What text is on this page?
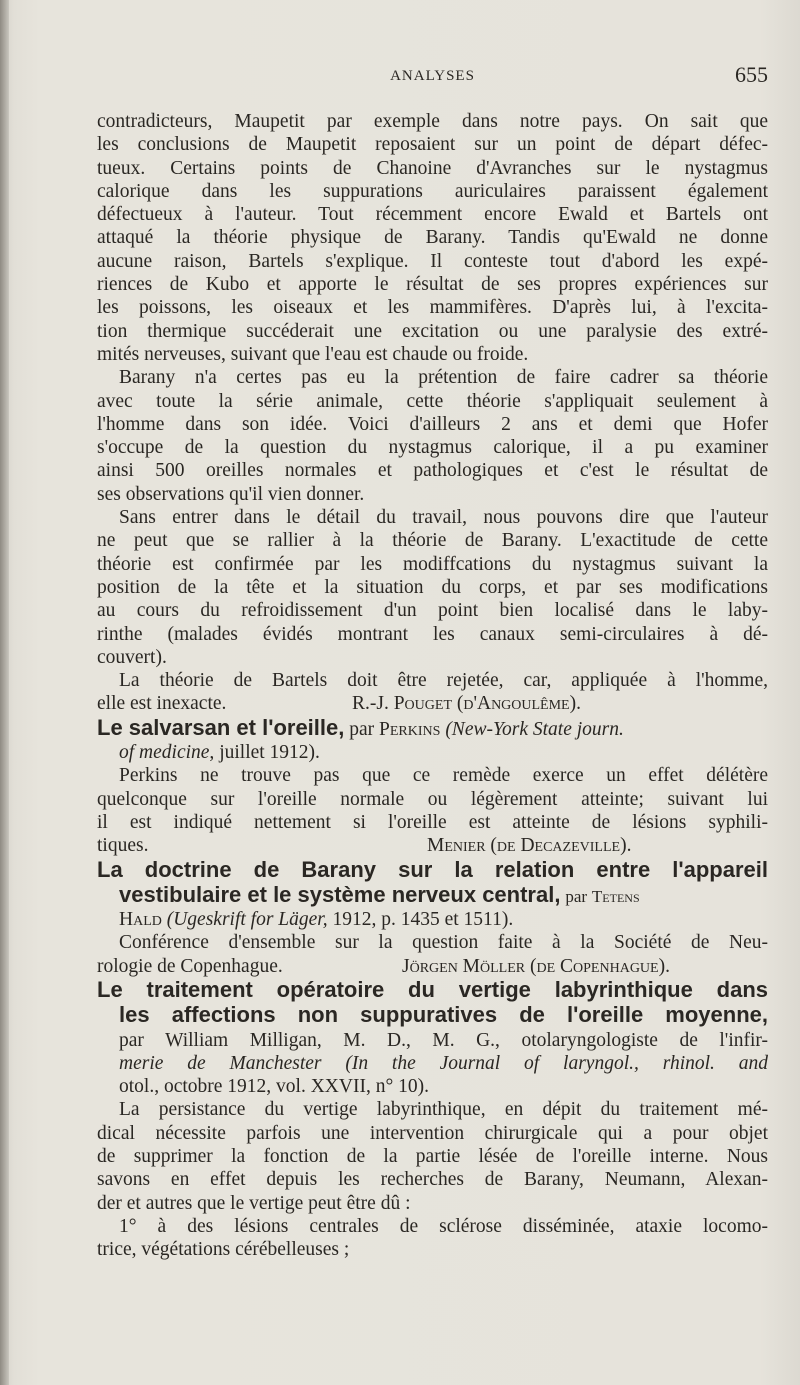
ANALYSES	655

contradicteurs, Maupetit par exemple dans notre pays. On sait que
les conclusions de Maupetit reposaient sur un point de départ défec-
tueux. Certains points de Chanoine d'Avranches sur le nystagmus
calorique dans les suppurations auriculaires paraissent également
défectueux à l'auteur. Tout récemment encore Ewald et Bartels ont
attaqué la théorie physique de Barany. Tandis qu'Ewald ne donne
aucune raison, Bartels s'explique. Il conteste tout d'abord les expé-
riences de Kubo et apporte le résultat de ses propres expériences sur
les poissons, les oiseaux et les mammifères. D'après lui, à l'excita-
tion thermique succéderait une excitation ou une paralysie des extré-
mités nerveuses, suivant que l'eau est chaude ou froide.

Barany n'a certes pas eu la prétention de faire cadrer sa théorie
avec toute la série animale, cette théorie s'appliquait seulement à
l'homme dans son idée. Voici d'ailleurs 2 ans et demi que Hofer
s'occupe de la question du nystagmus calorique, il a pu examiner
ainsi 500 oreilles normales et pathologiques et c'est le résultat de
ses observations qu'il vien donner.

Sans entrer dans le détail du travail, nous pouvons dire que l'auteur
ne peut que se rallier à la théorie de Barany. L'exactitude de cette
théorie est confirmée par les modiffcations du nystagmus suivant la
position de la tête et la situation du corps, et par ses modifications
au cours du refroidissement d'un point bien localisé dans le laby-
rinthe (malades évidés montrant les canaux semi-circulaires à dé-
couvert).

La théorie de Bartels doit être rejetée, car, appliquée à l'homme,
elle est inexacte.	R.-J. Pouget (d'Angoulême).

Le salvarsan et l'oreille, par Perkins (New-York State journ.
of medicine, juillet 1912).
Perkins ne trouve pas que ce remède exerce un effet délétère
quelconque sur l'oreille normale ou légèrement atteinte; suivant lui
il est indiqué nettement si l'oreille est atteinte de lésions syphili-
tiques.	Menier (de Decazeville).

La doctrine de Barany sur la relation entre l'appareil
vestibulaire et le système nerveux central, par Tetens
Hald (Ugeskrift for Läger, 1912, p. 1435 et 1511).
Conférence d'ensemble sur la question faite à la Société de Neu-
rologie de Copenhague.	Jörgen Möller (de Copenhague).

Le traitement opératoire du vertige labyrinthique dans
les affections non suppuratives de l'oreille moyenne,
par William Milligan, M. D., M. G., otolaryngologiste de l'infir-
merie de Manchester (In the Journal of laryngol., rhinol. and
otol., octobre 1912, vol. XXVII, n° 10).
La persistance du vertige labyrinthique, en dépit du traitement mé-
dical nécessite parfois une intervention chirurgicale qui a pour objet
de supprimer la fonction de la partie lésée de l'oreille interne. Nous
savons en effet depuis les recherches de Barany, Neumann, Alexan-
der et autres que le vertige peut être dû :
1° à des lésions centrales de sclérose disséminée, ataxie locomo-
trice, végétations cérébelleuses ;
